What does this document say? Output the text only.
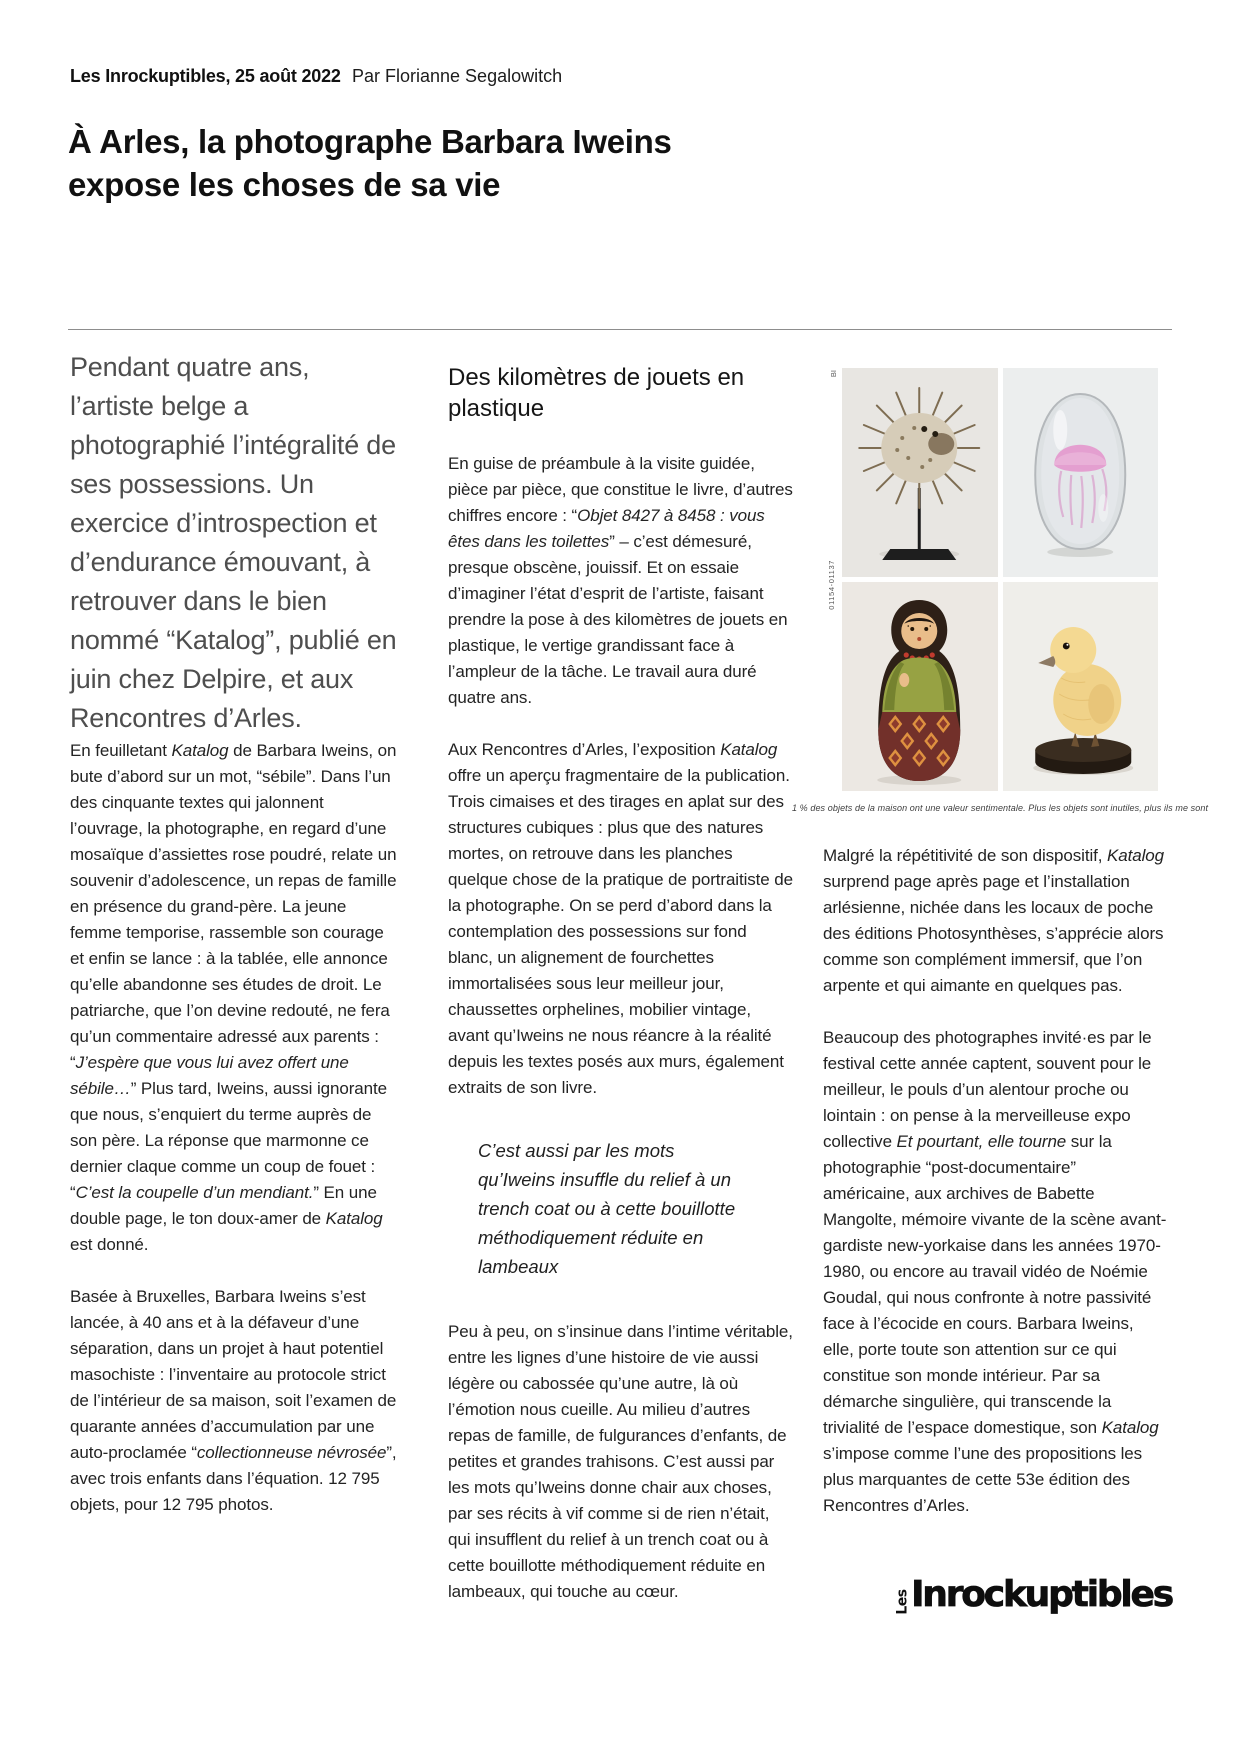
Les Inrockuptibles, 25 août 2022 Par Florianne Segalowitch
À Arles, la photographe Barbara Iweins expose les choses de sa vie

Pendant quatre ans, l’artiste belge a photographié l’intégralité de ses possessions. Un exercice d’introspection et d’endurance émouvant, à retrouver dans le bien nommé “Katalog”, publié en juin chez Delpire, et aux Rencontres d’Arles.

En feuilletant Katalog de Barbara Iweins, on bute d’abord sur un mot, “sébile”. Dans l’un des cinquante textes qui jalonnent l’ouvrage, la photographe, en regard d’une mosaïque d’assiettes rose poudré, relate un souvenir d’adolescence, un repas de famille en présence du grand-père. La jeune femme temporise, rassemble son courage et enfin se lance : à la tablée, elle annonce qu’elle abandonne ses études de droit. Le patriarche, que l’on devine redouté, ne fera qu’un commentaire adressé aux parents : “J’espère que vous lui avez offert une sébile…” Plus tard, Iweins, aussi ignorante que nous, s’enquiert du terme auprès de son père. La réponse que marmonne ce dernier claque comme un coup de fouet : “C’est la coupelle d’un mendiant.” En une double page, le ton doux-amer de Katalog est donné.

Basée à Bruxelles, Barbara Iweins s’est lancée, à 40 ans et à la défaveur d’une séparation, dans un projet à haut potentiel masochiste : l’inventaire au protocole strict de l’intérieur de sa maison, soit l’examen de quarante années d’accumulation par une auto-proclamée “collectionneuse névrosée”, avec trois enfants dans l’équation. 12 795 objets, pour 12 795 photos.

Des kilomètres de jouets en plastique

En guise de préambule à la visite guidée, pièce par pièce, que constitue le livre, d’autres chiffres encore : “Objet 8427 à 8458 : vous êtes dans les toilettes” – c’est démesuré, presque obscène, jouissif. Et on essaie d’imaginer l’état d’esprit de l’artiste, faisant prendre la pose à des kilomètres de jouets en plastique, le vertige grandissant face à l’ampleur de la tâche. Le travail aura duré quatre ans.

Aux Rencontres d’Arles, l’exposition Katalog offre un aperçu fragmentaire de la publication. Trois cimaises et des tirages en aplat sur des structures cubiques : plus que des natures mortes, on retrouve dans les planches quelque chose de la pratique de portraitiste de la photographe. On se perd d’abord dans la contemplation des possessions sur fond blanc, un alignement de fourchettes immortalisées sous leur meilleur jour, chaussettes orphelines, mobilier vintage, avant qu’Iweins ne nous réancre à la réalité depuis les textes posés aux murs, également extraits de son livre.

C’est aussi par les mots qu’Iweins insuffle du relief à un trench coat ou à cette bouillotte méthodiquement réduite en lambeaux

Peu à peu, on s’insinue dans l’intime véritable, entre les lignes d’une histoire de vie aussi légère ou cabossée qu’une autre, là où l’émotion nous cueille. Au milieu d’autres repas de famille, de fulgurances d’enfants, de petites et grandes trahisons. C’est aussi par les mots qu’Iweins donne chair aux choses, par ses récits à vif comme si de rien n’était, qui insufflent du relief à un trench coat ou à cette bouillotte méthodiquement réduite en lambeaux, qui touche au cœur.

BI
01154-01137
1 % des objets de la maison ont une valeur sentimentale. Plus les objets sont inutiles, plus ils me sont

Malgré la répétitivité de son dispositif, Katalog surprend page après page et l’installation arlésienne, nichée dans les locaux de poche des éditions Photosynthèses, s’apprécie alors comme son complément immersif, que l’on arpente et qui aimante en quelques pas.

Beaucoup des photographes invité·es par le festival cette année captent, souvent pour le meilleur, le pouls d’un alentour proche ou lointain : on pense à la merveilleuse expo collective Et pourtant, elle tourne sur la photographie “post-documentaire” américaine, aux archives de Babette Mangolte, mémoire vivante de la scène avant-gardiste new-yorkaise dans les années 1970-1980, ou encore au travail vidéo de Noémie Goudal, qui nous confronte à notre passivité face à l’écocide en cours. Barbara Iweins, elle, porte toute son attention sur ce qui constitue son monde intérieur. Par sa démarche singulière, qui transcende la trivialité de l’espace domestique, son Katalog s’impose comme l’une des propositions les plus marquantes de cette 53e édition des Rencontres d’Arles.

Les Inrockuptibles
